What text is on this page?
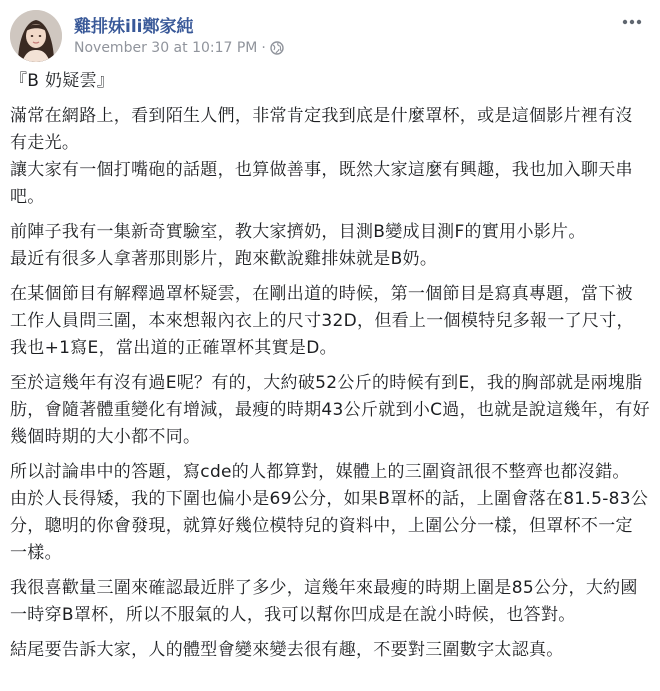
雞排妹ili鄭家純
November 30 at 10:17 PM ·
『B 奶疑雲』

滿常在網路上，看到陌生人們，非常肯定我到底是什麼罩杯，或是這個影片裡有沒有走光。

讓大家有一個打嘴砲的話題，也算做善事，既然大家這麼有興趣，我也加入聊天串吧。

前陣子我有一集新奇實驗室，教大家擠奶，目測B變成目測F的實用小影片。

最近有很多人拿著那則影片，跑來歡說雞排妹就是B奶。

在某個節目有解釋過罩杯疑雲，在剛出道的時候，第一個節目是寫真專題，當下被工作人員問三圍，本來想報內衣上的尺寸32D，但看上一個模特兒多報一了尺寸，我也+1寫E，當出道的正確罩杯其實是D。

至於這幾年有沒有過E呢？有的，大約破52公斤的時候有到E，我的胸部就是兩塊脂肪，會隨著體重變化有增減，最瘦的時期43公斤就到小C過，也就是說這幾年，有好幾個時期的大小都不同。

所以討論串中的答題，寫cde的人都算對，媒體上的三圍資訊很不整齊也都沒錯。

由於人長得矮，我的下圍也偏小是69公分，如果B罩杯的話，上圍會落在81.5-83公分，聰明的你會發現，就算好幾位模特兒的資料中，上圍公分一樣，但罩杯不一定一樣。

我很喜歡量三圍來確認最近胖了多少，這幾年來最瘦的時期上圍是85公分，大約國一時穿B罩杯，所以不服氣的人，我可以幫你凹成是在說小時候，也答對。

結尾要告訴大家，人的體型會變來變去很有趣，不要對三圍數字太認真。
